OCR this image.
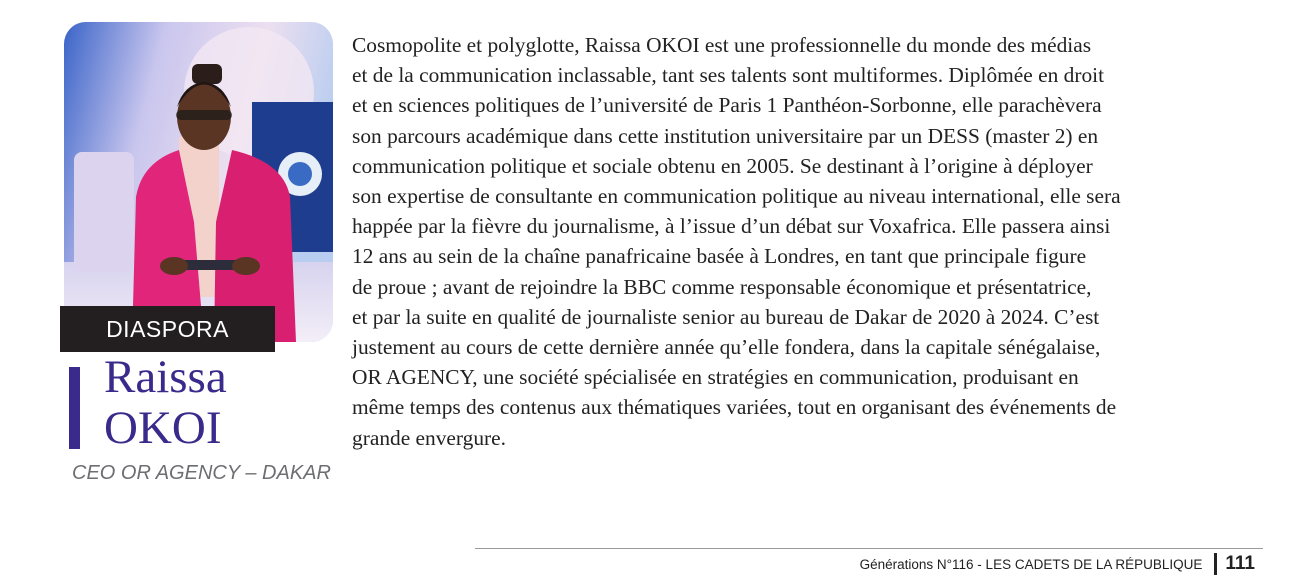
DIASPORA
Raissa
OKOI
CEO OR AGENCY – DAKAR

Cosmopolite et polyglotte, Raissa OKOI est une professionnelle du monde des médias
et de la communication inclassable, tant ses talents sont multiformes. Diplômée en droit
et en sciences politiques de l’université de Paris 1 Panthéon-Sorbonne, elle parachèvera
son parcours académique dans cette institution universitaire par un DESS (master 2) en
communication politique et sociale obtenu en 2005. Se destinant à l’origine à déployer
son expertise de consultante en communication politique au niveau international, elle sera
happée par la fièvre du journalisme, à l’issue d’un débat sur Voxafrica. Elle passera ainsi
12 ans au sein de la chaîne panafricaine basée à Londres, en tant que principale figure
de proue ; avant de rejoindre la BBC comme responsable économique et présentatrice,
et par la suite en qualité de journaliste senior au bureau de Dakar de 2020 à 2024. C’est
justement au cours de cette dernière année qu’elle fondera, dans la capitale sénégalaise,
OR AGENCY, une société spécialisée en stratégies en communication, produisant en
même temps des contenus aux thématiques variées, tout en organisant des événements de
grande envergure.

Générations N°116 - LES CADETS DE LA RÉPUBLIQUE 111
